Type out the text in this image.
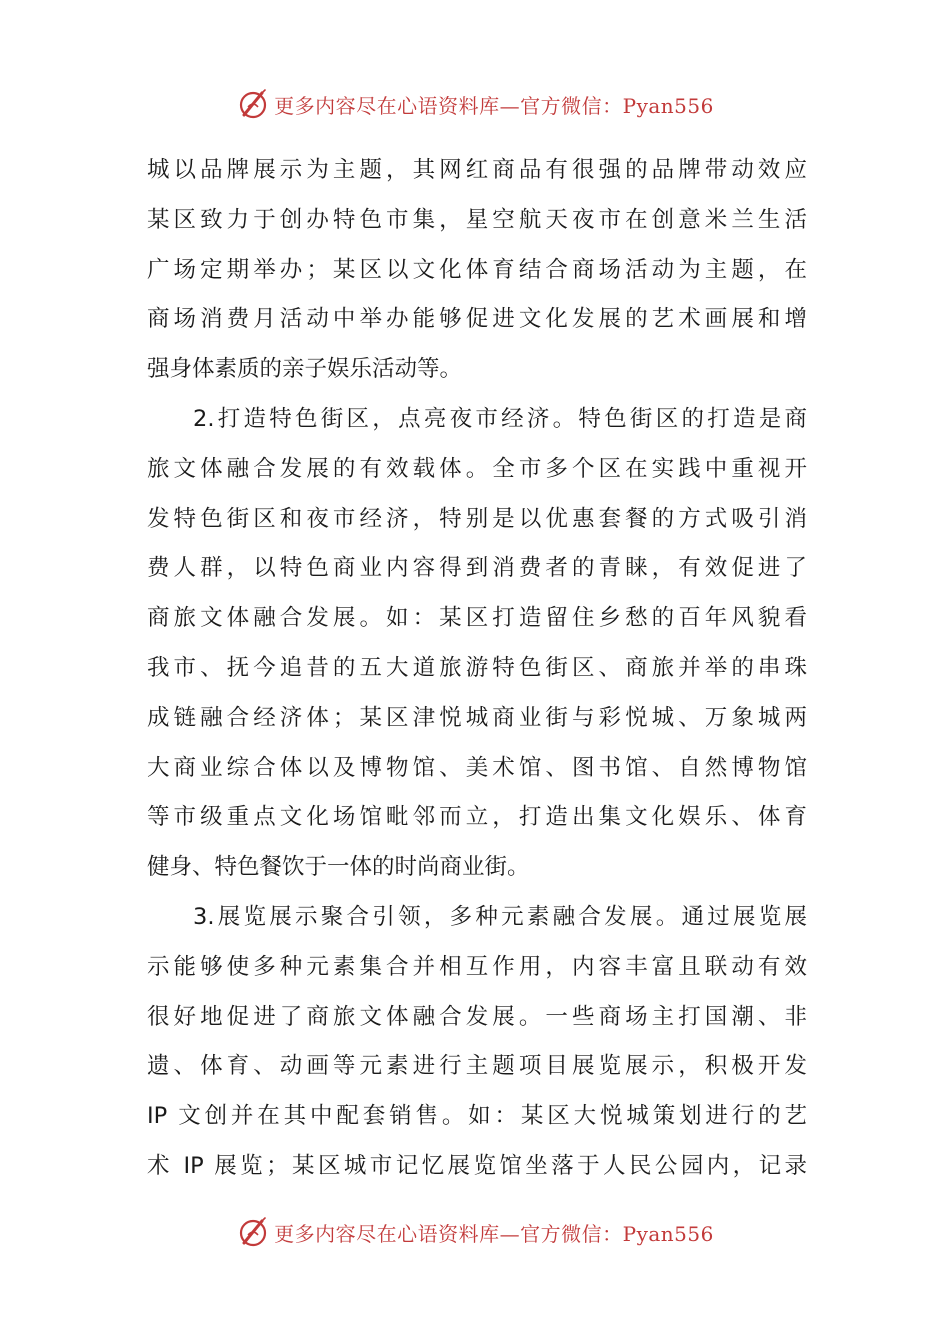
更多内容尽在心语资料库—官方微信：Pyan556
城以品牌展示为主题，其网红商品有很强的品牌带动效应
某区致力于创办特色市集，星空航天夜市在创意米兰生活
广场定期举办；某区以文化体育结合商场活动为主题，在
商场消费月活动中举办能够促进文化发展的艺术画展和增
强身体素质的亲子娱乐活动等。
2.打造特色街区，点亮夜市经济。特色街区的打造是商
旅文体融合发展的有效载体。全市多个区在实践中重视开
发特色街区和夜市经济，特别是以优惠套餐的方式吸引消
费人群，以特色商业内容得到消费者的青睐，有效促进了
商旅文体融合发展。如：某区打造留住乡愁的百年风貌看
我市、抚今追昔的五大道旅游特色街区、商旅并举的串珠
成链融合经济体；某区津悦城商业街与彩悦城、万象城两
大商业综合体以及博物馆、美术馆、图书馆、自然博物馆
等市级重点文化场馆毗邻而立，打造出集文化娱乐、体育
健身、特色餐饮于一体的时尚商业街。
3.展览展示聚合引领，多种元素融合发展。通过展览展
示能够使多种元素集合并相互作用，内容丰富且联动有效
很好地促进了商旅文体融合发展。一些商场主打国潮、非
遗、体育、动画等元素进行主题项目展览展示，积极开发
IP 文创并在其中配套销售。如：某区大悦城策划进行的艺
术 IP 展览；某区城市记忆展览馆坐落于人民公园内，记录
更多内容尽在心语资料库—官方微信：Pyan556
